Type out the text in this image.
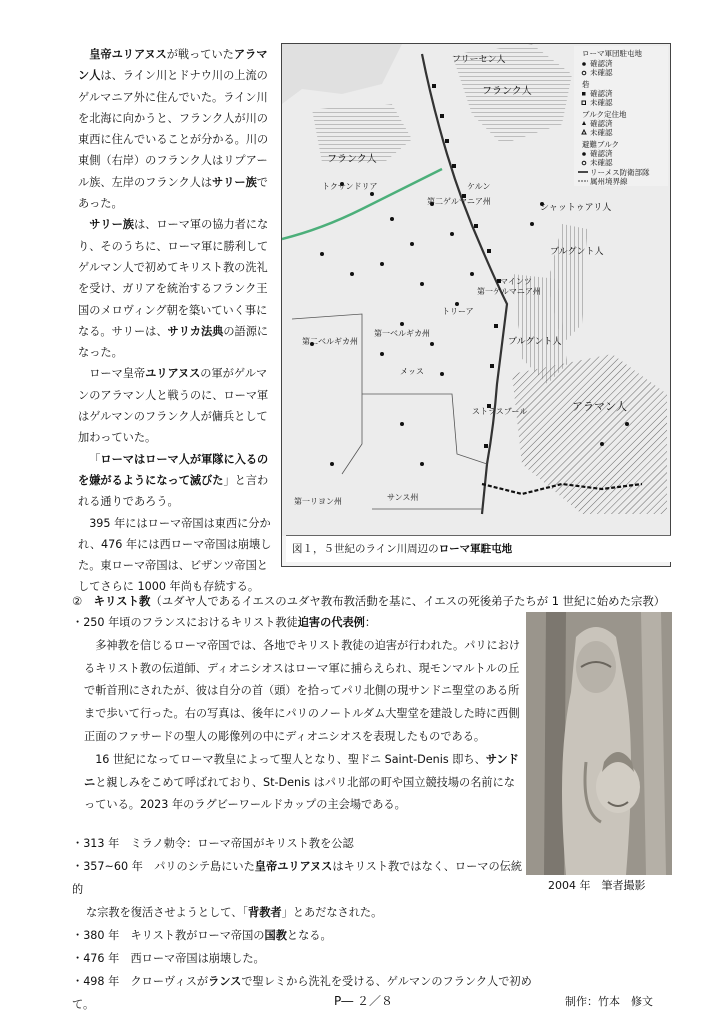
皇帝ユリアヌスが戦っていたアラマン人は、ライン川とドナウ川の上流のゲルマニア外に住んでいた。ライン川を北海に向かうと、フランク人が川の東西に住んでいることが分かる。川の東側（右岸）のフランク人はリプアール族、左岸のフランク人はサリー族であった。

サリー族は、ローマ軍の協力者になり、そのうちに、ローマ軍に勝利してゲルマン人で初めてキリスト教の洗礼を受け、ガリアを統治するフランク王国のメロヴィング朝を築いていく事になる。サリーは、サリカ法典の語源になった。

ローマ皇帝ユリアヌスの軍がゲルマンのアラマン人と戦うのに、ローマ軍はゲルマンのフランク人が傭兵として加わっていた。

「ローマはローマ人が軍隊に入るのを嫌がるようになって滅びた」と言われる通りであろう。

395 年にはローマ帝国は東西に分かれ、476 年には西ローマ帝国は崩壊した。東ローマ帝国は、ビザンツ帝国としてさらに 1000 年尚も存続する。

フリーセン人
フランク人
フランク人
トクサンドリア
シャットゥアリ人
第二ゲルマニア州
ケルン
マインツ
トリーア
第一ベルギカ州
第二ベルギカ州
第一ゲルマニア州
メッス
ブルグント人
ブルグント人
ストラスブール	アラマン人
第一リヨン州	サンス州
ローマ軍団駐屯地
確認済
未確認
砦
確認済
未確認
ブルク定住地
確認済
未確認
避難ブルク
確認済
未確認
リーメス防衛部隊
属州境界線
図１，５世紀のライン川周辺のローマ軍駐屯地
②　 キリスト教（ユダヤ人であるイエスのユダヤ教布教活動を基に、イエスの死後弟子たちが 1 世紀に始めた宗教）

・250 年頃のフランスにおけるキリスト教徒迫害の代表例：

多神教を信じるローマ帝国では、各地でキリスト教徒の迫害が行われた。パリにおけるキリスト教の伝道師、ディオニシオスはローマ軍に捕らえられ、現モンマルトルの丘で斬首刑にされたが、彼は自分の首（頭）を拾ってパリ北側の現サンドニ聖堂のある所まで歩いて行った。右の写真は、後年にパリのノートルダム大聖堂を建設した時に西側正面のファサードの聖人の彫像列の中にディオニシオスを表現したものである。

16 世紀になってローマ教皇によって聖人となり、聖ドニ Saint-Denis 即ち、サンドニと親しみをこめて呼ばれており、St-Denis はパリ北部の町や国立競技場の名前になっている。2023 年のラグビーワールドカップの主会場である。

2004 年　筆者撮影

・313 年　ミラノ勅令：ローマ帝国がキリスト教を公認

・357~60 年　パリのシテ島にいた皇帝ユリアヌスはキリスト教ではなく、ローマの伝統的

な宗教を復活させようとして、「背教者」とあだなされた。

・380 年　キリスト教がローマ帝国の国教となる。

・476 年　西ローマ帝国は崩壊した。

・498 年　クローヴィスがランスで聖レミから洗礼を受ける、ゲルマンのフランク人で初めて。	P― ２／８	制作：竹本　修文
